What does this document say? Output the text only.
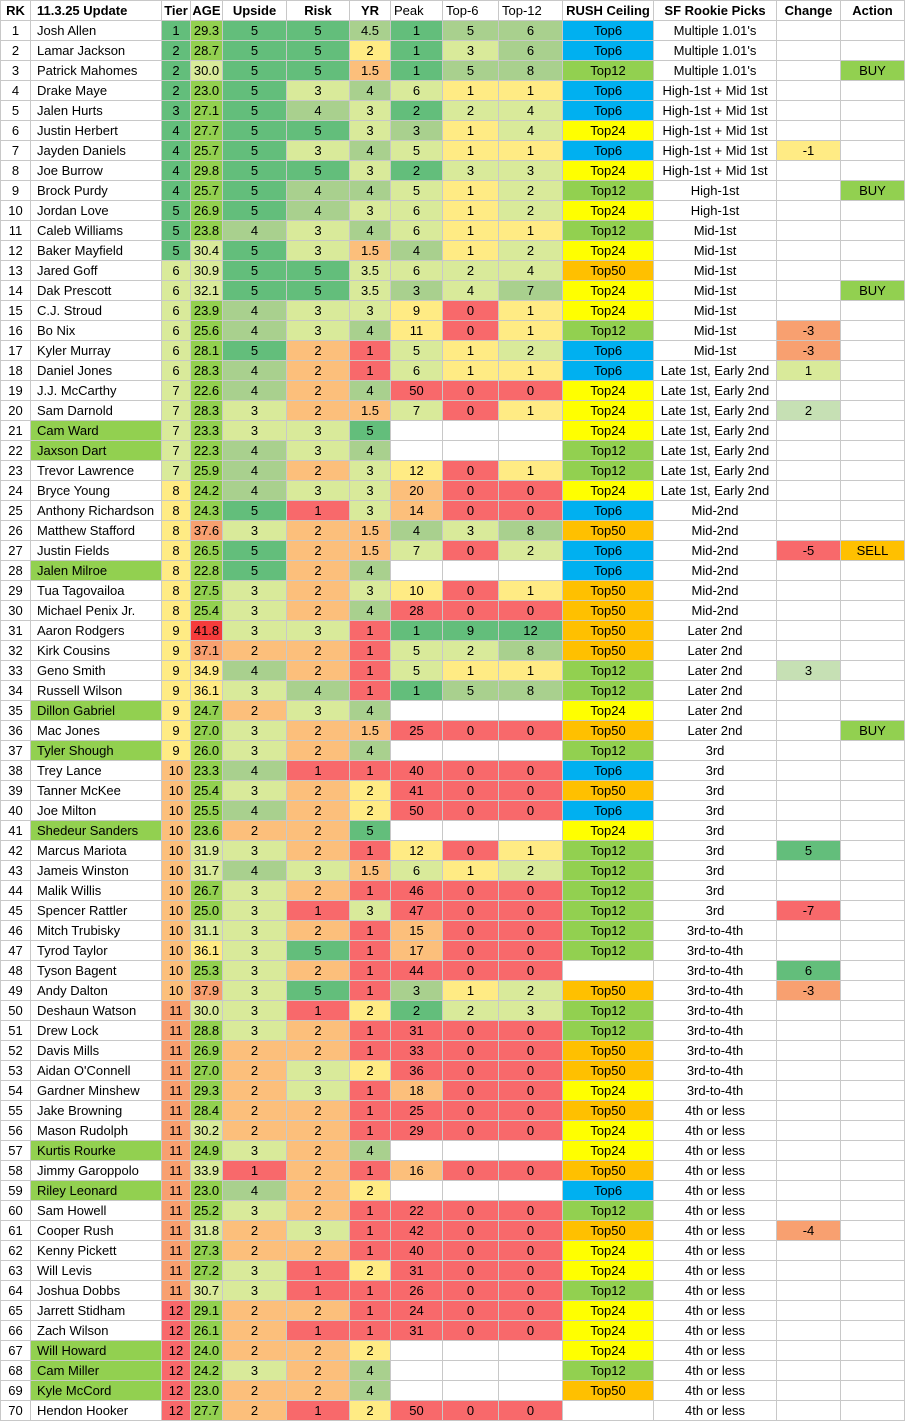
RK	11.3.25 Update	Tier	AGE	Upside	Risk	YR	Peak	Top-6	Top-12	RUSH Ceiling	SF Rookie Picks	Change	Action
1	Josh Allen	1	29.3	5	5	4.5	1	5	6	Top6	Multiple 1.01's		
2	Lamar Jackson	2	28.7	5	5	2	1	3	6	Top6	Multiple 1.01's		
3	Patrick Mahomes	2	30.0	5	5	1.5	1	5	8	Top12	Multiple 1.01's		BUY
4	Drake Maye	2	23.0	5	3	4	6	1	1	Top6	High-1st + Mid 1st		
5	Jalen Hurts	3	27.1	5	4	3	2	2	4	Top6	High-1st + Mid 1st		
6	Justin Herbert	4	27.7	5	5	3	3	1	4	Top24	High-1st + Mid 1st		
7	Jayden Daniels	4	25.7	5	3	4	5	1	1	Top6	High-1st + Mid 1st	-1	
8	Joe Burrow	4	29.8	5	5	3	2	3	3	Top24	High-1st + Mid 1st		
9	Brock Purdy	4	25.7	5	4	4	5	1	2	Top12	High-1st		BUY
10	Jordan Love	5	26.9	5	4	3	6	1	2	Top24	High-1st		
11	Caleb Williams	5	23.8	4	3	4	6	1	1	Top12	Mid-1st		
12	Baker Mayfield	5	30.4	5	3	1.5	4	1	2	Top24	Mid-1st		
13	Jared Goff	6	30.9	5	5	3.5	6	2	4	Top50	Mid-1st		
14	Dak Prescott	6	32.1	5	5	3.5	3	4	7	Top24	Mid-1st		BUY
15	C.J. Stroud	6	23.9	4	3	3	9	0	1	Top24	Mid-1st		
16	Bo Nix	6	25.6	4	3	4	11	0	1	Top12	Mid-1st	-3	
17	Kyler Murray	6	28.1	5	2	1	5	1	2	Top6	Mid-1st	-3	
18	Daniel Jones	6	28.3	4	2	1	6	1	1	Top6	Late 1st, Early 2nd	1	
19	J.J. McCarthy	7	22.6	4	2	4	50	0	0	Top24	Late 1st, Early 2nd		
20	Sam Darnold	7	28.3	3	2	1.5	7	0	1	Top24	Late 1st, Early 2nd	2	
21	Cam Ward	7	23.3	3	3	5				Top24	Late 1st, Early 2nd		
22	Jaxson Dart	7	22.3	4	3	4				Top12	Late 1st, Early 2nd		
23	Trevor Lawrence	7	25.9	4	2	3	12	0	1	Top12	Late 1st, Early 2nd		
24	Bryce Young	8	24.2	4	3	3	20	0	0	Top24	Late 1st, Early 2nd		
25	Anthony Richardson	8	24.3	5	1	3	14	0	0	Top6	Mid-2nd		
26	Matthew Stafford	8	37.6	3	2	1.5	4	3	8	Top50	Mid-2nd		
27	Justin Fields	8	26.5	5	2	1.5	7	0	2	Top6	Mid-2nd	-5	SELL
28	Jalen Milroe	8	22.8	5	2	4				Top6	Mid-2nd		
29	Tua Tagovailoa	8	27.5	3	2	3	10	0	1	Top50	Mid-2nd		
30	Michael Penix Jr.	8	25.4	3	2	4	28	0	0	Top50	Mid-2nd		
31	Aaron Rodgers	9	41.8	3	3	1	1	9	12	Top50	Later 2nd		
32	Kirk Cousins	9	37.1	2	2	1	5	2	8	Top50	Later 2nd		
33	Geno Smith	9	34.9	4	2	1	5	1	1	Top12	Later 2nd	3	
34	Russell Wilson	9	36.1	3	4	1	1	5	8	Top12	Later 2nd		
35	Dillon Gabriel	9	24.7	2	3	4				Top24	Later 2nd		
36	Mac Jones	9	27.0	3	2	1.5	25	0	0	Top50	Later 2nd		BUY
37	Tyler Shough	9	26.0	3	2	4				Top12	3rd		
38	Trey Lance	10	23.3	4	1	1	40	0	0	Top6	3rd		
39	Tanner McKee	10	25.4	3	2	2	41	0	0	Top50	3rd		
40	Joe Milton	10	25.5	4	2	2	50	0	0	Top6	3rd		
41	Shedeur Sanders	10	23.6	2	2	5				Top24	3rd		
42	Marcus Mariota	10	31.9	3	2	1	12	0	1	Top12	3rd	5	
43	Jameis Winston	10	31.7	4	3	1.5	6	1	2	Top12	3rd		
44	Malik Willis	10	26.7	3	2	1	46	0	0	Top12	3rd		
45	Spencer Rattler	10	25.0	3	1	3	47	0	0	Top12	3rd	-7	
46	Mitch Trubisky	10	31.1	3	2	1	15	0	0	Top12	3rd-to-4th		
47	Tyrod Taylor	10	36.1	3	5	1	17	0	0	Top12	3rd-to-4th		
48	Tyson Bagent	10	25.3	3	2	1	44	0	0		3rd-to-4th	6	
49	Andy Dalton	10	37.9	3	5	1	3	1	2	Top50	3rd-to-4th	-3	
50	Deshaun Watson	11	30.0	3	1	2	2	2	3	Top12	3rd-to-4th		
51	Drew Lock	11	28.8	3	2	1	31	0	0	Top12	3rd-to-4th		
52	Davis Mills	11	26.9	2	2	1	33	0	0	Top50	3rd-to-4th		
53	Aidan O'Connell	11	27.0	2	3	2	36	0	0	Top50	3rd-to-4th		
54	Gardner Minshew	11	29.3	2	3	1	18	0	0	Top24	3rd-to-4th		
55	Jake Browning	11	28.4	2	2	1	25	0	0	Top50	4th or less		
56	Mason Rudolph	11	30.2	2	2	1	29	0	0	Top24	4th or less		
57	Kurtis Rourke	11	24.9	3	2	4				Top24	4th or less		
58	Jimmy Garoppolo	11	33.9	1	2	1	16	0	0	Top50	4th or less		
59	Riley Leonard	11	23.0	4	2	2				Top6	4th or less		
60	Sam Howell	11	25.2	3	2	1	22	0	0	Top12	4th or less		
61	Cooper Rush	11	31.8	2	3	1	42	0	0	Top50	4th or less	-4	
62	Kenny Pickett	11	27.3	2	2	1	40	0	0	Top24	4th or less		
63	Will Levis	11	27.2	3	1	2	31	0	0	Top24	4th or less		
64	Joshua Dobbs	11	30.7	3	1	1	26	0	0	Top12	4th or less		
65	Jarrett Stidham	12	29.1	2	2	1	24	0	0	Top24	4th or less		
66	Zach Wilson	12	26.1	2	1	1	31	0	0	Top24	4th or less		
67	Will Howard	12	24.0	2	2	2				Top24	4th or less		
68	Cam Miller	12	24.2	3	2	4				Top12	4th or less		
69	Kyle McCord	12	23.0	2	2	4				Top50	4th or less		
70	Hendon Hooker	12	27.7	2	1	2	50	0	0		4th or less		
